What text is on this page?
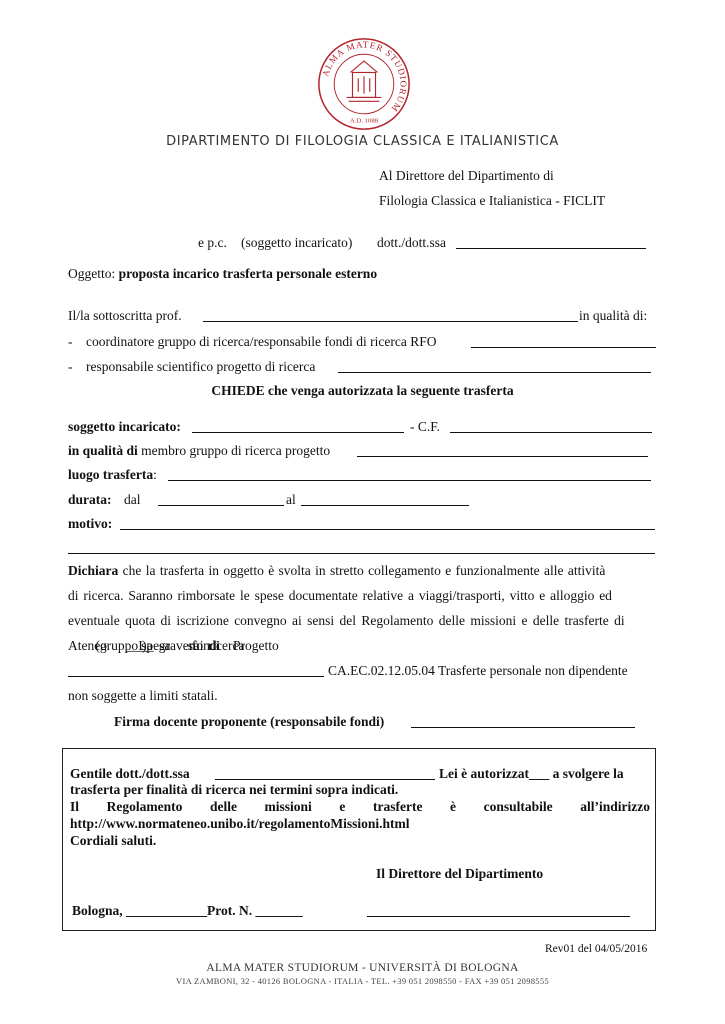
ALMA MATER STUDIORUM
A.D. 1088
DIPARTIMENTO DI FILOLOGIA CLASSICA E ITALIANISTICA
Al Direttore del Dipartimento di
Filologia Classica e Italianistica - FICLIT
e p.c. (soggetto incaricato) dott./dott.ssa
Oggetto: proposta incarico trasferta personale esterno
Il/la sottoscritta prof.	in qualità di:
- coordinatore gruppo di ricerca/responsabile fondi di ricerca RFO
- responsabile scientifico progetto di ricerca
CHIEDE che venga autorizzata la seguente trasferta
soggetto incaricato:	- C.F.
in qualità di membro gruppo di ricerca progetto
luogo trasferta:
durata: dal	al
motivo:
Dichiara che la trasferta in oggetto è svolta in stretto collegamento e funzionalmente alle attività
di ricerca. Saranno rimborsate le spese documentate relative a viaggi/trasporti, vitto e alloggio ed
eventuale quota di iscrizione convegno ai sensi del Regolamento delle missioni e delle trasferte di
Ateneo      (gruppo      ____      ).      La      spesa      graverà      sui      fondi      di      ricerca      Progetto
CA.EC.02.12.05.04 Trasferte personale non dipendente
non soggette a limiti statali.
Firma docente proponente (responsabile fondi)
Gentile dott./dott.ssa	Lei è autorizzat___ a svolgere la
trasferta per finalità di ricerca nei termini sopra indicati.
Il Regolamento delle missioni e trasferte è consultabile all’indirizzo
http://www.normateneo.unibo.it/regolamentoMissioni.html
Cordiali saluti.
Il Direttore del Dipartimento
Bologna, ____________Prot. N. _______
Rev01 del 04/05/2016
ALMA MATER STUDIORUM - UNIVERSITÀ DI BOLOGNA
VIA ZAMBONI, 32 - 40126 BOLOGNA - ITALIA - TEL. +39 051 2098550 - FAX +39 051 2098555
